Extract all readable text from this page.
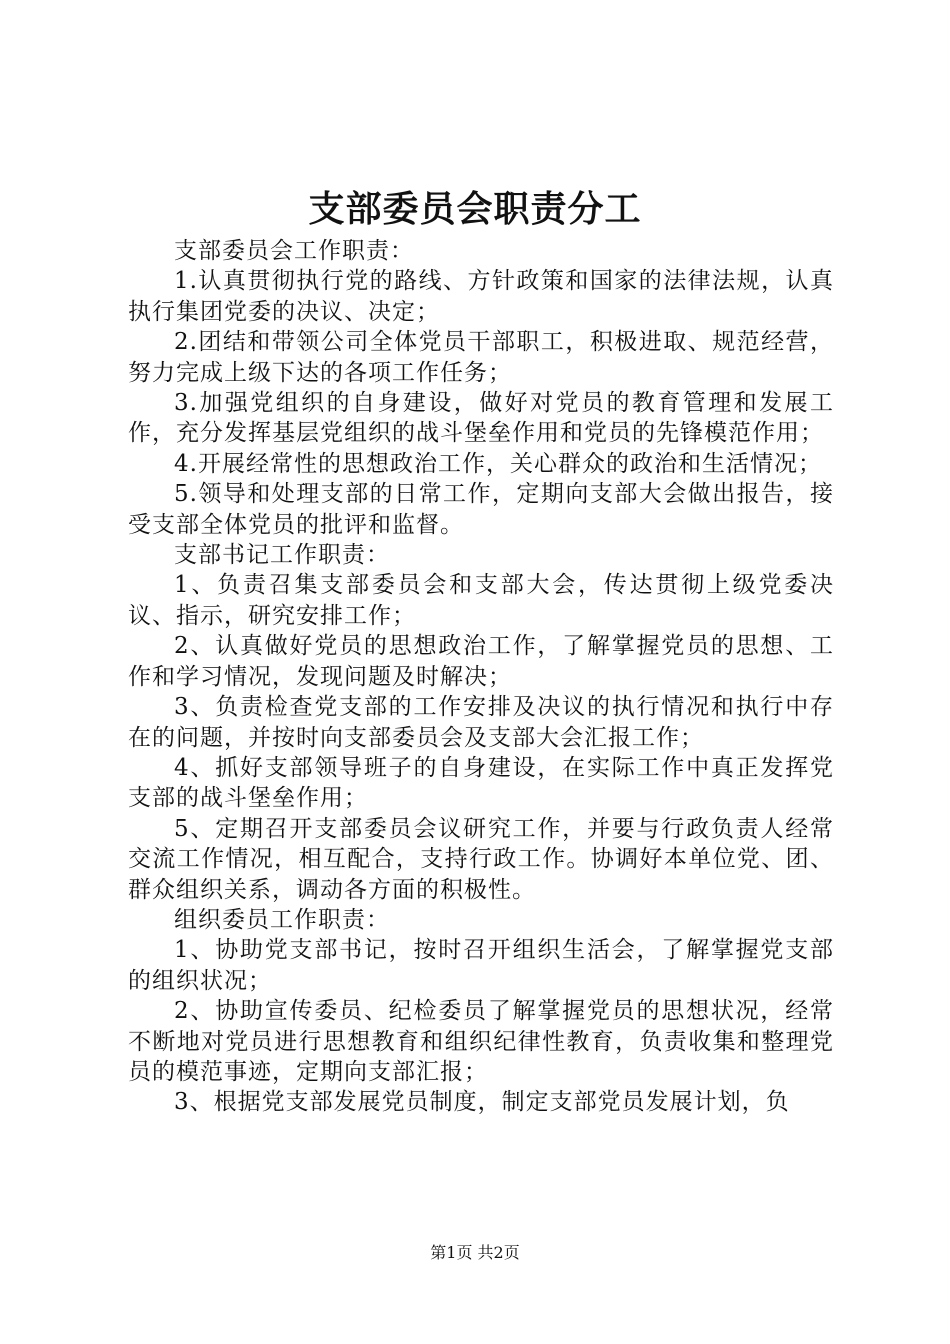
支部委员会职责分工

支部委员会工作职责：

1.认真贯彻执行党的路线、方针政策和国家的法律法规，认真执行集团党委的决议、决定；

2.团结和带领公司全体党员干部职工，积极进取、规范经营，努力完成上级下达的各项工作任务；

3.加强党组织的自身建设，做好对党员的教育管理和发展工作，充分发挥基层党组织的战斗堡垒作用和党员的先锋模范作用；

4.开展经常性的思想政治工作，关心群众的政治和生活情况；

5.领导和处理支部的日常工作，定期向支部大会做出报告，接受支部全体党员的批评和监督。

支部书记工作职责：

1、负责召集支部委员会和支部大会，传达贯彻上级党委决议、指示，研究安排工作；

2、认真做好党员的思想政治工作，了解掌握党员的思想、工作和学习情况，发现问题及时解决；

3、负责检查党支部的工作安排及决议的执行情况和执行中存在的问题，并按时向支部委员会及支部大会汇报工作；

4、抓好支部领导班子的自身建设，在实际工作中真正发挥党支部的战斗堡垒作用；

5、定期召开支部委员会议研究工作，并要与行政负责人经常交流工作情况，相互配合，支持行政工作。协调好本单位党、团、群众组织关系，调动各方面的积极性。

组织委员工作职责：

1、协助党支部书记，按时召开组织生活会，了解掌握党支部的组织状况；

2、协助宣传委员、纪检委员了解掌握党员的思想状况，经常不断地对党员进行思想教育和组织纪律性教育，负责收集和整理党员的模范事迹，定期向支部汇报；

3、根据党支部发展党员制度，制定支部党员发展计划，负

第1页 共2页
